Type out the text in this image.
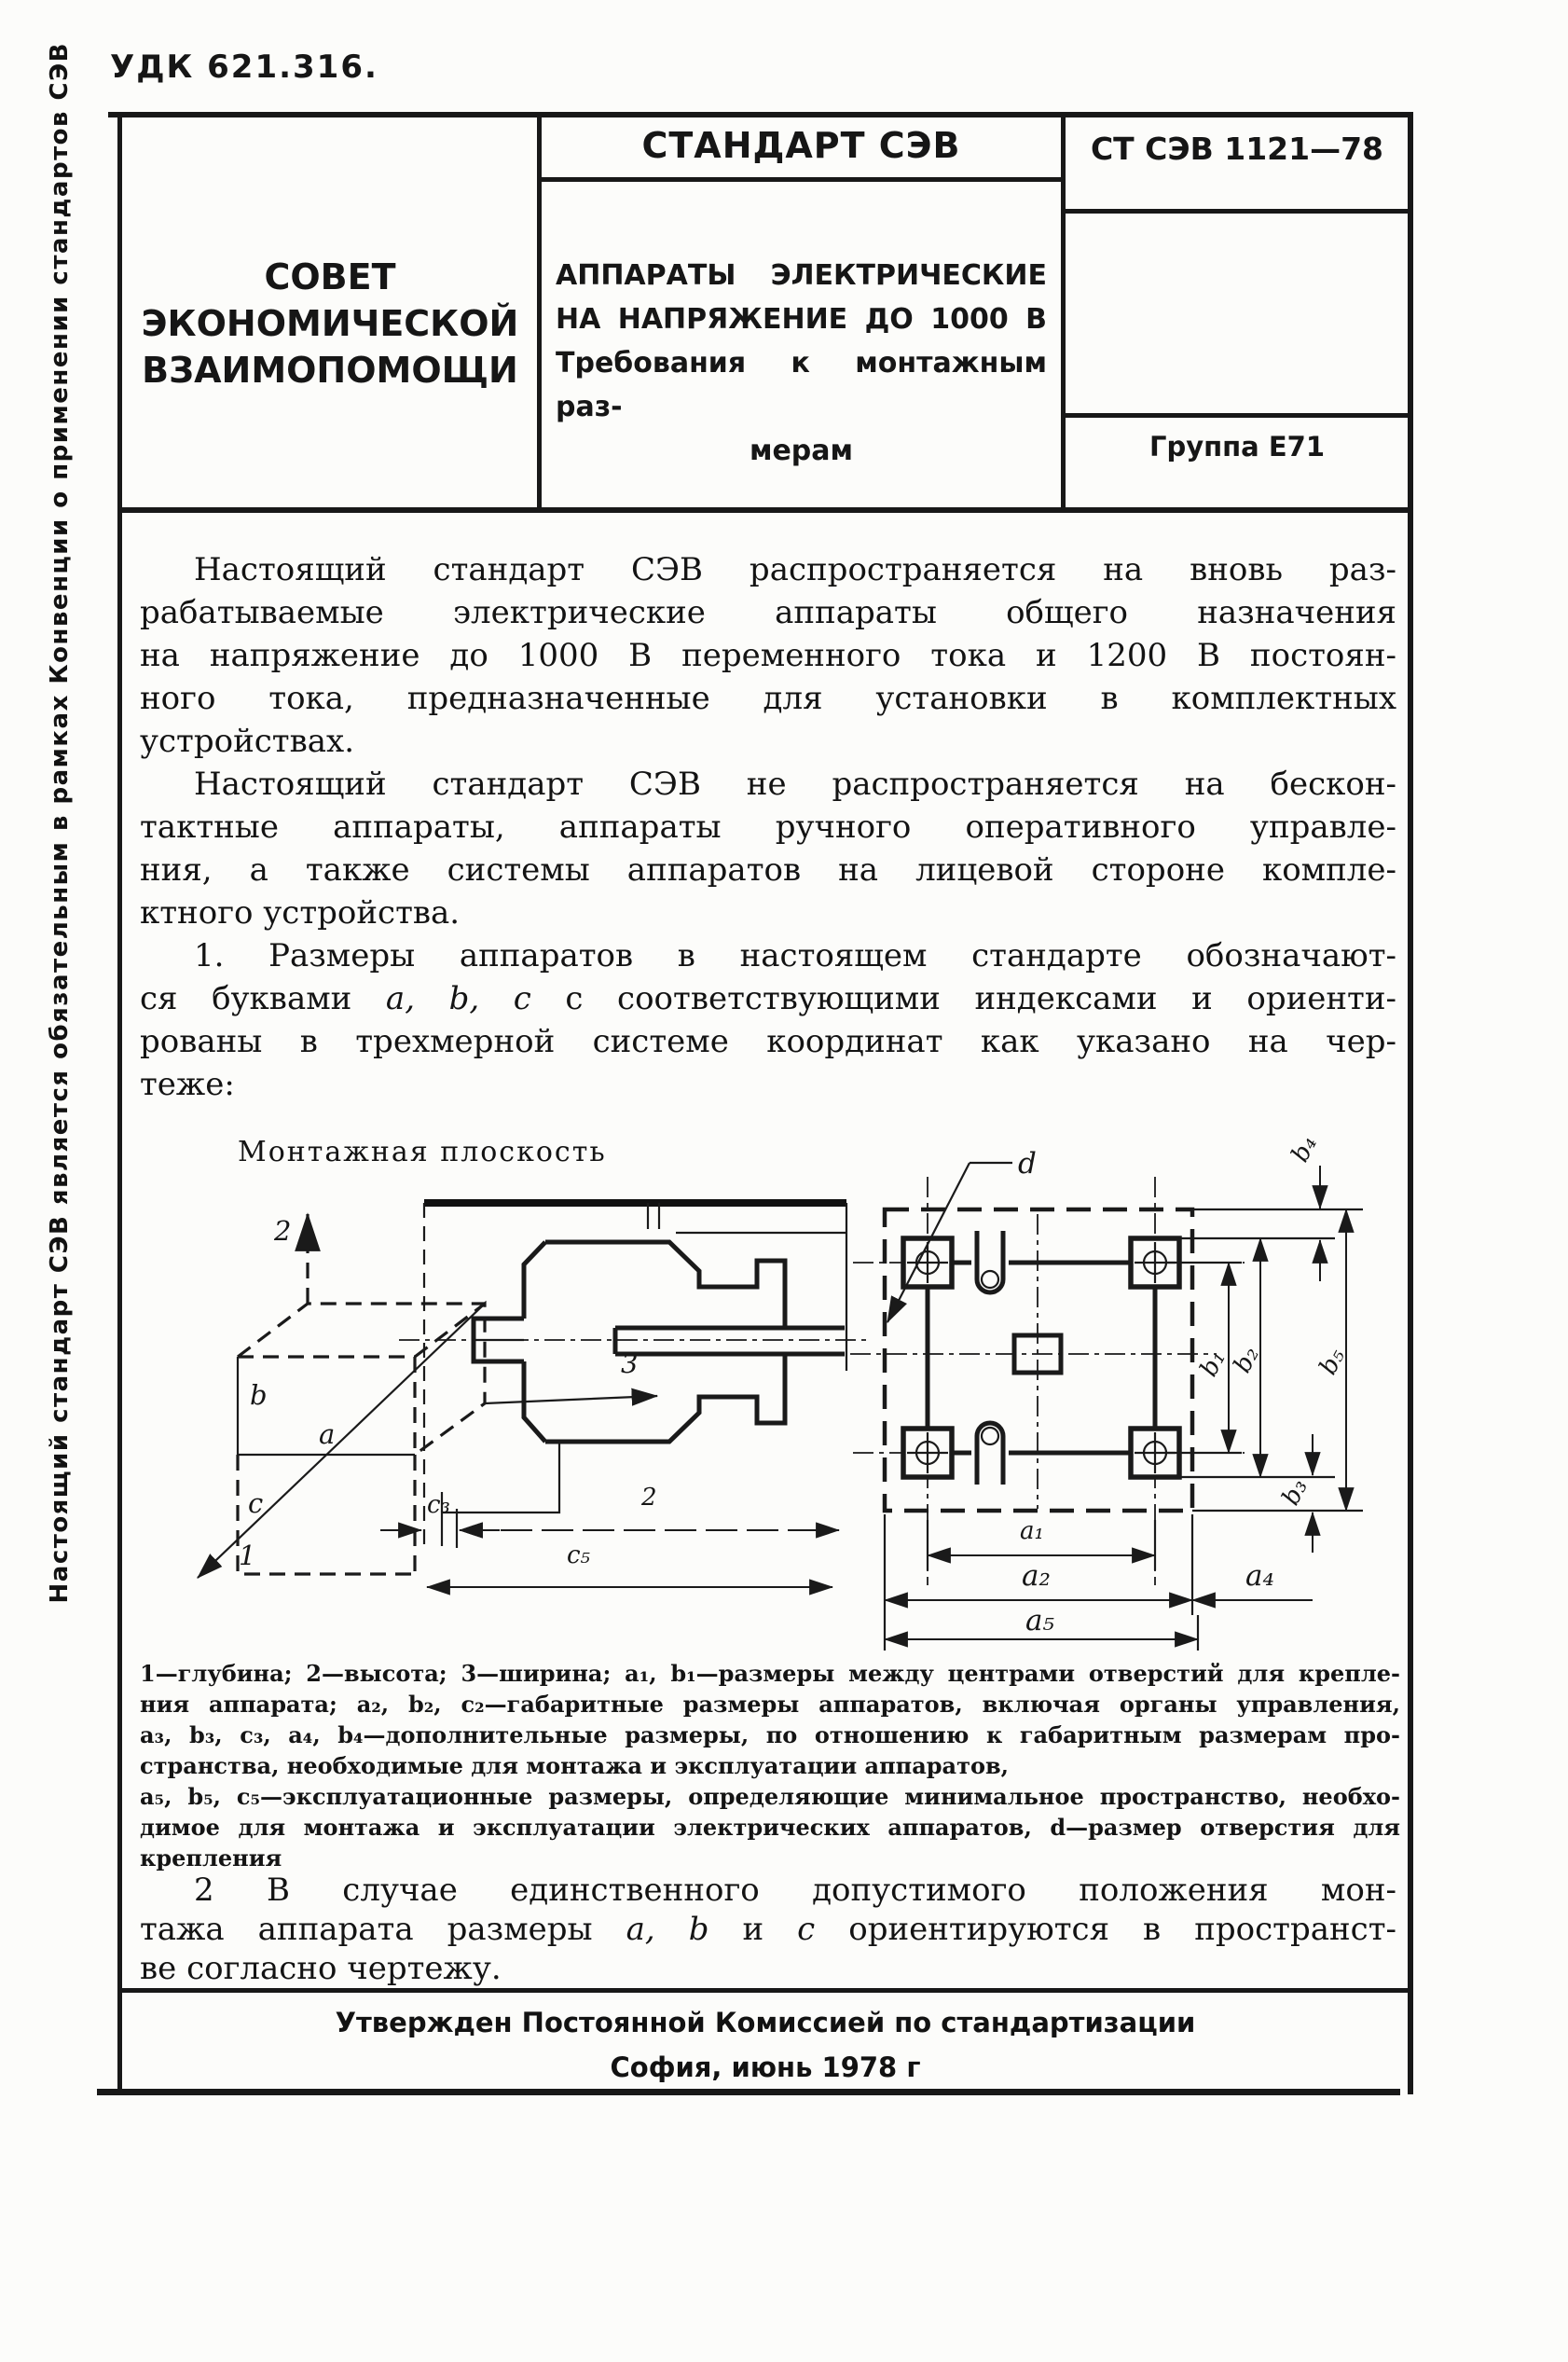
УДК 621.316.
Настоящий стандарт СЭВ является обязательным в рамках Конвенции о применении стандартов СЭВ	СОВЕТ
ЭКОНОМИЧЕСКОЙ
ВЗАИМОПОМОЩИ
СТАНДАРТ СЭВ
АППАРАТЫ ЭЛЕКТРИЧЕСКИЕ
НА НАПРЯЖЕНИЕ ДО 1000 В
Требования к монтажным раз-
мерам
СТ СЭВ 1121—78
Группа Е71
Настоящий стандарт СЭВ распространяется на вновь раз-
рабатываемые электрические аппараты общего назначения
на напряжение до 1000 В переменного тока и 1200 В постоян-
ного тока, предназначенные для установки в комплектных
устройствах.
Настоящий стандарт СЭВ не распространяется на бескон-
тактные аппараты, аппараты ручного оперативного управле-
ния, а также системы аппаратов на лицевой стороне компле-
ктного устройства.
1. Размеры аппаратов в настоящем стандарте обозначают-
ся буквами a, b, c с соответствующими индексами и ориенти-
рованы в трехмерной системе координат как указано на чер-
теже:
Монтажная плоскость
2
3
1
b
a
c	c₃	2
c₅
d
b₁
b₂ b₅
b₄
b₃
a₁
a₂	a₄
a₅
1—глубина; 2—высота; 3—ширина; a₁, b₁—размеры между центрами отверстий для крепле-
ния аппарата; a₂, b₂, c₂—габаритные размеры аппаратов, включая органы управления,
a₃, b₃, c₃, a₄, b₄—дополнительные размеры, по отношению к габаритным размерам про-
странства, необходимые для монтажа и эксплуатации аппаратов,
a₅, b₅, c₅—эксплуатационные размеры, определяющие минимальное пространство, необхо-
димое для монтажа и эксплуатации электрических аппаратов, d—размер отверстия для
крепления
2 В случае единственного допустимого положения мон-
тажа аппарата размеры a, b и c ориентируются в пространст-
ве согласно чертежу.
Утвержден Постоянной Комиссией по стандартизации
София, июнь 1978 г
